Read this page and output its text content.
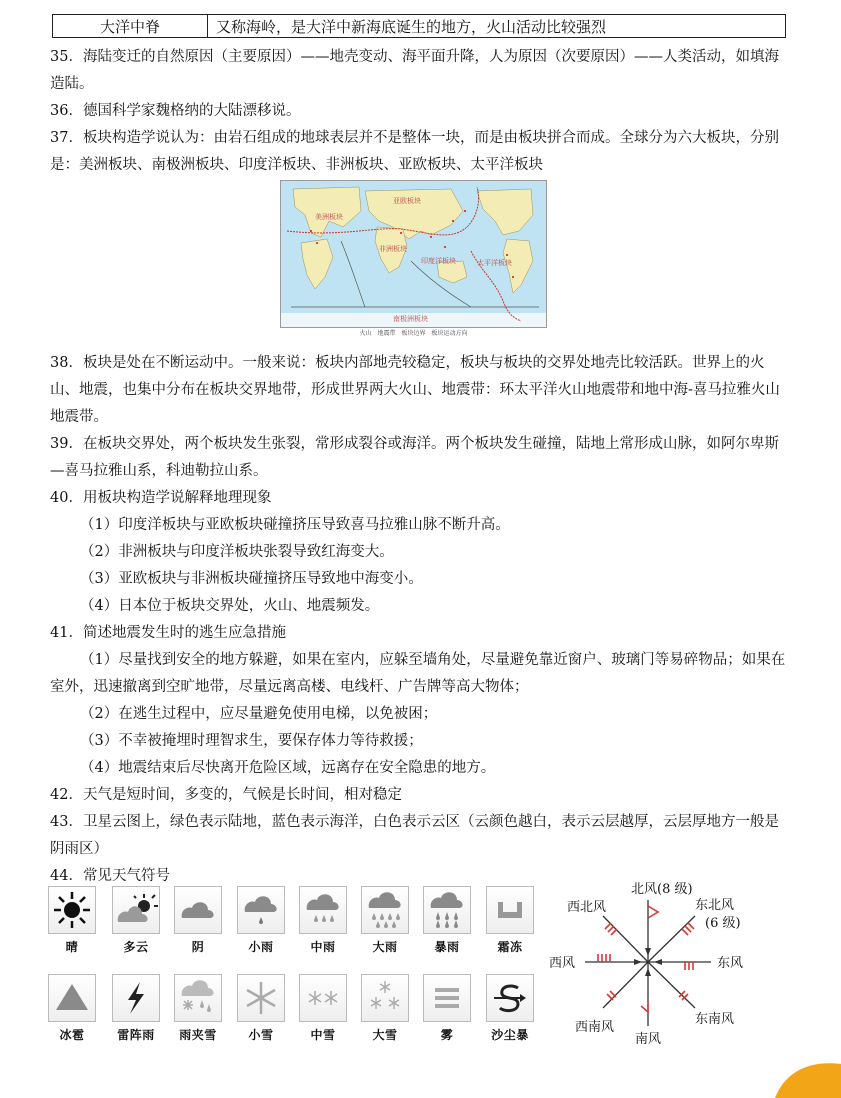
大洋中脊	又称海岭，是大洋中新海底诞生的地方，火山活动比较强烈

35．海陆变迁的自然原因（主要原因）——地壳变动、海平面升降，人为原因（次要原因）——人类活动，如填海造陆。

36．德国科学家魏格纳的大陆漂移说。

37．板块构造学说认为：由岩石组成的地球表层并不是整体一块，而是由板块拼合而成。全球分为六大板块，分别是：美洲板块、南极洲板块、印度洋板块、非洲板块、亚欧板块、太平洋板块

38．板块是处在不断运动中。一般来说：板块内部地壳较稳定，板块与板块的交界处地壳比较活跃。世界上的火山、地震，也集中分布在板块交界地带，形成世界两大火山、地震带：环太平洋火山地震带和地中海-喜马拉雅火山地震带。

39．在板块交界处，两个板块发生张裂，常形成裂谷或海洋。两个板块发生碰撞，陆地上常形成山脉，如阿尔卑斯—喜马拉雅山系，科迪勒拉山系。

40．用板块构造学说解释地理现象

（1）印度洋板块与亚欧板块碰撞挤压导致喜马拉雅山脉不断升高。

（2）非洲板块与印度洋板块张裂导致红海变大。

（3）亚欧板块与非洲板块碰撞挤压导致地中海变小。

（4）日本位于板块交界处，火山、地震频发。

41．简述地震发生时的逃生应急措施

（1）尽量找到安全的地方躲避，如果在室内，应躲至墙角处，尽量避免靠近窗户、玻璃门等易碎物品；如果在室外，迅速撤离到空旷地带，尽量远离高楼、电线杆、广告牌等高大物体；

（2）在逃生过程中，应尽量避免使用电梯，以免被困；

（3）不幸被掩埋时理智求生，要保存体力等待救援；

（4）地震结束后尽快离开危险区域，远离存在安全隐患的地方。

42．天气是短时间，多变的，气候是长时间，相对稳定

43．卫星云图上，绿色表示陆地，蓝色表示海洋，白色表示云区（云颜色越白，表示云层越厚，云层厚地方一般是阴雨区）

44．常见天气符号

美洲板块
亚欧板块
非洲板块
印度洋板块	太平洋板块
南极洲板块
火山 地震带 板块边界 板块运动方向
晴	多云	阴	小雨	中雨	大雨	暴雨	霜冻
冰雹	雷阵雨	雨夹雪	小雪	中雪	大雪	雾	沙尘暴
北风(8 级)
东北风
(6 级)
西北风
西风	东风
西南风
东南风
南风
